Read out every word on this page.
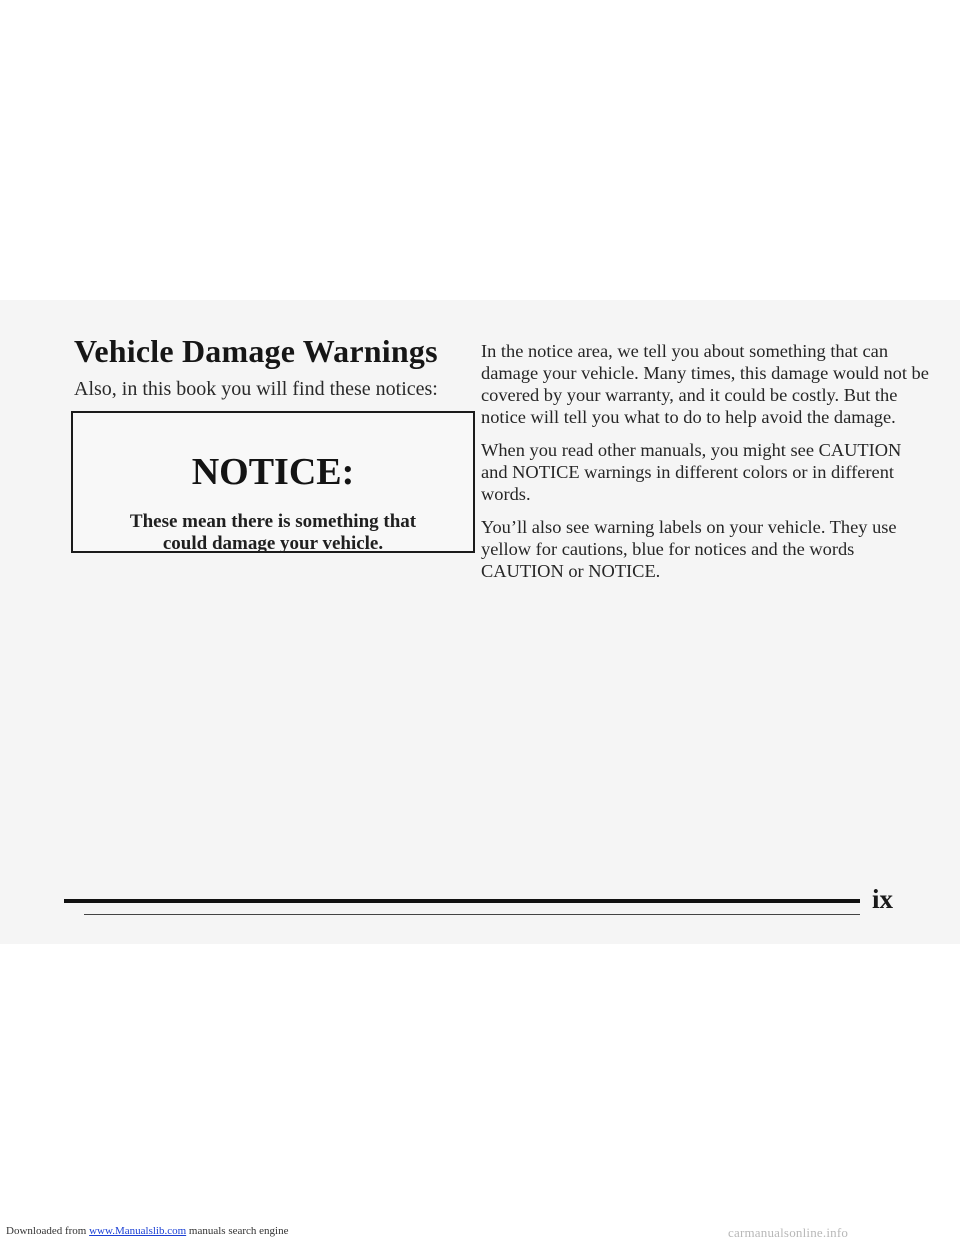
Vehicle Damage Warnings

Also, in this book you will find these notices:

NOTICE:
These mean there is something that could damage your vehicle.

In the notice area, we tell you about something that can damage your vehicle. Many times, this damage would not be covered by your warranty, and it could be costly. But the notice will tell you what to do to help avoid the damage.

When you read other manuals, you might see CAUTION and NOTICE warnings in different colors or in different words.

You’ll also see warning labels on your vehicle. They use yellow for cautions, blue for notices and the words CAUTION or NOTICE.

ix

Downloaded from www.Manualslib.com manuals search engine	carmanualsonline.info
